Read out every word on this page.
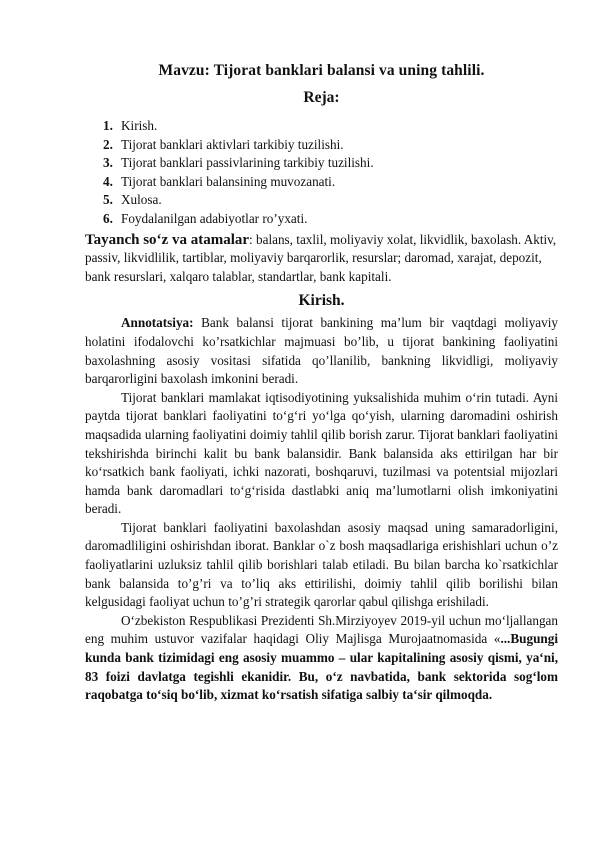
Mavzu: Tijorat banklari balansi va uning tahlili.
Reja:
1. Kirish.
2. Tijorat banklari aktivlari tarkibiy tuzilishi.
3. Tijorat banklari passivlarining tarkibiy tuzilishi.
4. Tijorat banklari balansining muvozanati.
5. Xulosa.
6. Foydalanilgan adabiyotlar ro’yxati.

Tayanch so‘z va atamalar: balans, taxlil, moliyaviy xolat, likvidlik, baxolash. Aktiv, passiv, likvidlilik, tartiblar, moliyaviy barqarorlik, resurslar; daromad, xarajat, depozit, bank resurslari, xalqaro talablar, standartlar, bank kapitali.

Kirish.

Annotatsiya: Bank balansi tijorat bankining ma’lum bir vaqtdagi moliyaviy holatini ifodalovchi ko’rsatkichlar majmuasi bo’lib, u tijorat bankining faoliyatini baxolashning asosiy vositasi sifatida qo’llanilib, bankning likvidligi, moliyaviy barqarorligini baxolash imkonini beradi.

Tijorat banklari mamlakat iqtisodiyotining yuksalishida muhim o‘rin tutadi. Ayni paytda tijorat banklari faoliyatini to‘g‘ri yo‘lga qo‘yish, ularning daromadini oshirish maqsadida ularning faoliyatini doimiy tahlil qilib borish zarur. Tijorat banklari faoliyatini tekshirishda birinchi kalit bu bank balansidir. Bank balansida aks ettirilgan har bir ko‘rsatkich bank faoliyati, ichki nazorati, boshqaruvi, tuzilmasi va potentsial mijozlari hamda bank daromadlari to‘g‘risida dastlabki aniq ma’lumotlarni olish imkoniyatini beradi.

Tijorat banklari faoliyatini baxolashdan asosiy maqsad uning samaradorligini, daromadliligini oshirishdan iborat. Banklar o`z bosh maqsadlariga erishishlari uchun o’z faoliyatlarini uzluksiz tahlil qilib borishlari talab etiladi. Bu bilan barcha ko`rsatkichlar bank balansida to’g’ri va to’liq aks ettirilishi, doimiy tahlil qilib borilishi bilan kelgusidagi faoliyat uchun to’g’ri strategik qarorlar qabul qilishga erishiladi.

O‘zbekiston Respublikasi Prezidenti Sh.Mirziyoyev 2019-yil uchun mo‘ljallangan eng muhim ustuvor vazifalar haqidagi Oliy Majlisga Murojaatnomasida «...Bugungi kunda bank tizimidagi eng asosiy muammo – ular kapitalining asosiy qismi, ya‘ni, 83 foizi davlatga tegishli ekanidir. Bu, o‘z navbatida, bank sektorida sog‘lom raqobatga to‘siq bo‘lib, xizmat ko‘rsatish sifatiga salbiy ta‘sir qilmoqda.
